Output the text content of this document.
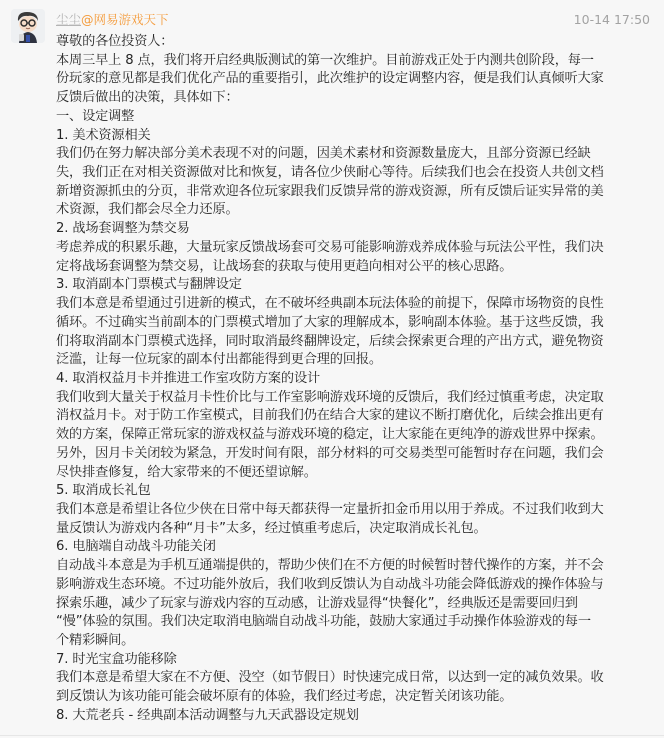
尘尘@网易游戏天下	10-14 17:50
尊敬的各位投资人：
本周三早上 8 点，我们将开启经典版测试的第一次维护。目前游戏正处于内测共创阶段，每一
份玩家的意见都是我们优化产品的重要指引，此次维护的设定调整内容，便是我们认真倾听大家
反馈后做出的决策，具体如下：
一、设定调整
1. 美术资源相关
我们仍在努力解决部分美术表现不对的问题，因美术素材和资源数量庞大，且部分资源已经缺
失，我们正在对相关资源做对比和恢复，请各位少侠耐心等待。后续我们也会在投资人共创文档
新增资源抓虫的分页，非常欢迎各位玩家跟我们反馈异常的游戏资源，所有反馈后证实异常的美
术资源，我们都会尽全力还原。
2. 战场套调整为禁交易
考虑养成的积累乐趣，大量玩家反馈战场套可交易可能影响游戏养成体验与玩法公平性，我们决
定将战场套调整为禁交易，让战场套的获取与使用更趋向相对公平的核心思路。
3. 取消副本门票模式与翻牌设定
我们本意是希望通过引进新的模式，在不破坏经典副本玩法体验的前提下，保障市场物资的良性
循环。不过确实当前副本的门票模式增加了大家的理解成本，影响副本体验。基于这些反馈，我
们将取消副本门票模式选择，同时取消最终翻牌设定，后续会探索更合理的产出方式，避免物资
泛滥，让每一位玩家的副本付出都能得到更合理的回报。
4. 取消权益月卡并推进工作室攻防方案的设计
我们收到大量关于权益月卡性价比与工作室影响游戏环境的反馈后，我们经过慎重考虑，决定取
消权益月卡。对于防工作室模式，目前我们仍在结合大家的建议不断打磨优化，后续会推出更有
效的方案，保障正常玩家的游戏权益与游戏环境的稳定，让大家能在更纯净的游戏世界中探索。
另外，因月卡关闭较为紧急，开发时间有限，部分材料的可交易类型可能暂时存在问题，我们会
尽快排查修复，给大家带来的不便还望谅解。
5. 取消成长礼包
我们本意是希望让各位少侠在日常中每天都获得一定量折扣金币用以用于养成。不过我们收到大
量反馈认为游戏内各种“月卡”太多，经过慎重考虑后，决定取消成长礼包。
6. 电脑端自动战斗功能关闭
自动战斗本意是为手机互通端提供的，帮助少侠们在不方便的时候暂时替代操作的方案，并不会
影响游戏生态环境。不过功能外放后，我们收到反馈认为自动战斗功能会降低游戏的操作体验与
探索乐趣，减少了玩家与游戏内容的互动感，让游戏显得“快餐化”，经典版还是需要回归到
“慢”体验的氛围。我们决定取消电脑端自动战斗功能，鼓励大家通过手动操作体验游戏的每一
个精彩瞬间。
7. 时光宝盒功能移除
我们本意是希望大家在不方便、没空（如节假日）时快速完成日常，以达到一定的减负效果。收
到反馈认为该功能可能会破坏原有的体验，我们经过考虑，决定暂关闭该功能。
8. 大荒老兵 - 经典副本活动调整与九天武器设定规划
